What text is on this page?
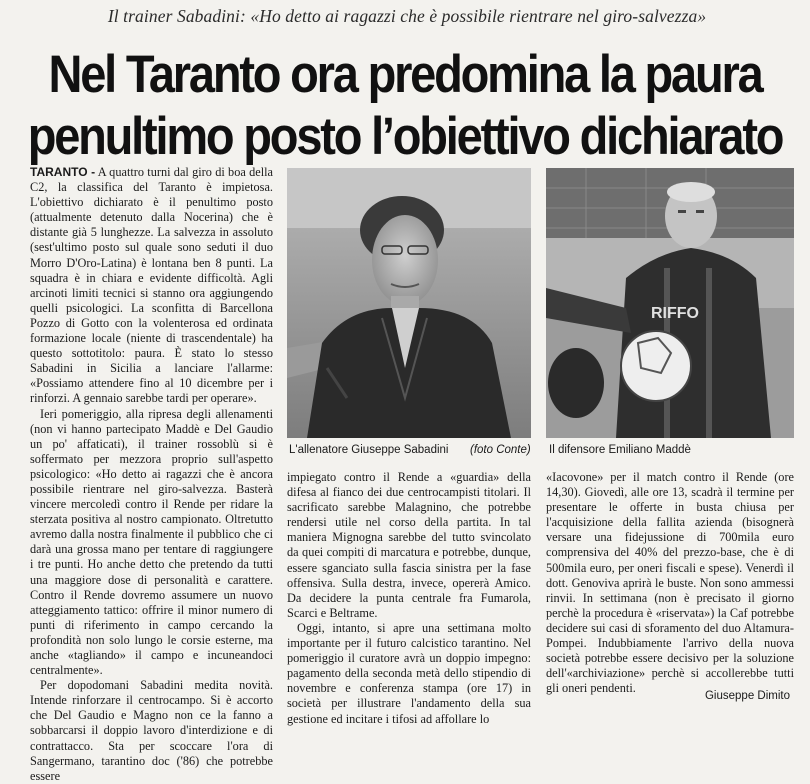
Il trainer Sabadini: «Ho detto ai ragazzi che è possibile rientrare nel giro-salvezza»
Nel Taranto ora predomina la paura
penultimo posto l’obiettivo dichiarato

TARANTO - A quattro turni dal giro di boa della C2, la classifica del Taranto è impietosa. L'obiettivo dichiarato è il penultimo posto (attualmente detenuto dalla Nocerina) che è distante già 5 lunghezze. La salvezza in assoluto (sest'ultimo posto sul quale sono seduti il duo Morro D'Oro-Latina) è lontana ben 8 punti. La squadra è in chiara e evidente difficoltà. Agli arcinoti limiti tecnici si stanno ora aggiungendo quelli psicologici. La sconfitta di Barcellona Pozzo di Gotto con la volenterosa ed ordinata formazione locale (niente di trascendentale) ha questo sottotitolo: paura. È stato lo stesso Sabadini in Sicilia a lanciare l'allarme: «Possiamo attendere fino al 10 dicembre per i rinforzi. A gennaio sarebbe tardi per operare».

Ieri pomeriggio, alla ripresa degli allenamenti (non vi hanno partecipato Maddè e Del Gaudio un po' affaticati), il trainer rossoblù si è soffermato per mezzora proprio sull'aspetto psicologico: «Ho detto ai ragazzi che è ancora possibile rientrare nel giro-salvezza. Basterà vincere mercoledì contro il Rende per ridare la sterzata positiva al nostro campionato. Oltretutto avremo dalla nostra finalmente il pubblico che ci darà una grossa mano per tentare di raggiungere i tre punti. Ho anche detto che pretendo da tutti una maggiore dose di personalità e carattere. Contro il Rende dovremo assumere un nuovo atteggiamento tattico: offrire il minor numero di punti di riferimento in campo cercando la profondità non solo lungo le corsie esterne, ma anche «tagliando» il campo e incuneandoci centralmente».

Per dopodomani Sabadini medita novità. Intende rinforzare il centrocampo. Si è accorto che Del Gaudio e Magno non ce la fanno a sobbarcarsi il doppio lavoro d'interdizione e di contrattacco. Sta per scoccare l'ora di Sangermano, tarantino doc ('86) che potrebbe essere

RIFFO
L'allenatore Giuseppe Sabadini (foto Conte) Il difensore Emiliano Maddè

impiegato contro il Rende a «guardia» della difesa al fianco dei due centrocampisti titolari. Il sacrificato sarebbe Malagnino, che potrebbe rendersi utile nel corso della partita. In tal maniera Mignogna sarebbe del tutto svincolato da quei compiti di marcatura e potrebbe, dunque, essere sganciato sulla fascia sinistra per la fase offensiva. Sulla destra, invece, opererà Amico. Da decidere la punta centrale fra Fumarola, Scarci e Beltrame.

Oggi, intanto, si apre una settimana molto importante per il futuro calcistico tarantino. Nel pomeriggio il curatore avrà un doppio impegno: pagamento della seconda metà dello stipendio di novembre e conferenza stampa (ore 17) in società per illustrare l'andamento della sua gestione ed incitare i tifosi ad affollare lo

«Iacovone» per il match contro il Rende (ore 14,30). Giovedì, alle ore 13, scadrà il termine per presentare le offerte in busta chiusa per l'acquisizione della fallita azienda (bisognerà versare una fidejussione di 700mila euro comprensiva del 40% del prezzo-base, che è di 500mila euro, per oneri fiscali e spese). Venerdì il dott. Genoviva aprirà le buste. Non sono ammessi rinvii. In settimana (non è precisato il giorno perchè la procedura è «riservata») la Caf potrebbe decidere sui casi di sforamento del duo Altamura-Pompei. Indubbiamente l'arrivo della nuova società potrebbe essere decisivo per la soluzione dell'«archiviazione» perchè si accollerebbe tutti gli oneri pendenti.

Giuseppe Dimito
